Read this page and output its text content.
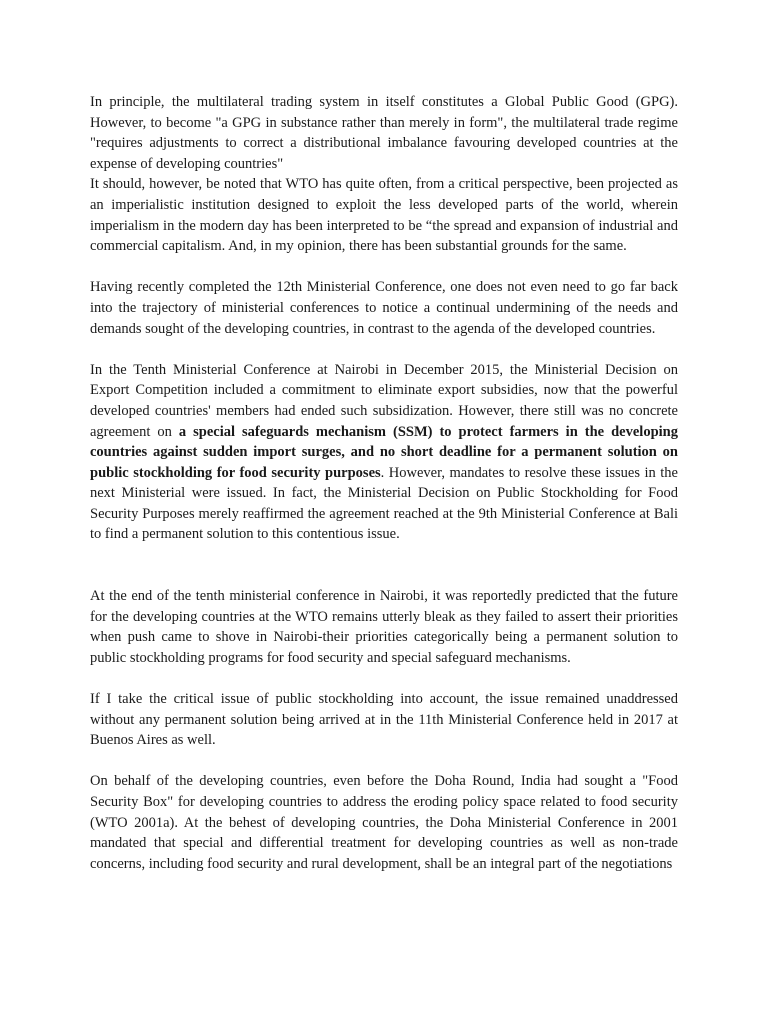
In principle, the multilateral trading system in itself constitutes a Global Public Good (GPG). However, to become "a GPG in substance rather than merely in form", the multilateral trade regime "requires adjustments to correct a distributional imbalance favouring developed countries at the expense of developing countries"

It should, however, be noted that WTO has quite often, from a critical perspective, been projected as an imperialistic institution designed to exploit the less developed parts of the world, wherein imperialism in the modern day has been interpreted to be “the spread and expansion of industrial and commercial capitalism. And, in my opinion, there has been substantial grounds for the same.

Having recently completed the 12th Ministerial Conference, one does not even need to go far back into the trajectory of ministerial conferences to notice a continual undermining of the needs and demands sought of the developing countries, in contrast to the agenda of the developed countries.

In the Tenth Ministerial Conference at Nairobi in December 2015, the Ministerial Decision on Export Competition included a commitment to eliminate export subsidies, now that the powerful developed countries' members had ended such subsidization. However, there still was no concrete agreement on a special safeguards mechanism (SSM) to protect farmers in the developing countries against sudden import surges, and no short deadline for a permanent solution on public stockholding for food security purposes. However, mandates to resolve these issues in the next Ministerial were issued. In fact, the Ministerial Decision on Public Stockholding for Food Security Purposes merely reaffirmed the agreement reached at the 9th Ministerial Conference at Bali to find a permanent solution to this contentious issue.

At the end of the tenth ministerial conference in Nairobi, it was reportedly predicted that the future for the developing countries at the WTO remains utterly bleak as they failed to assert their priorities when push came to shove in Nairobi-their priorities categorically being a permanent solution to public stockholding programs for food security and special safeguard mechanisms.

If I take the critical issue of public stockholding into account, the issue remained unaddressed without any permanent solution being arrived at in the 11th Ministerial Conference held in 2017 at Buenos Aires as well.

On behalf of the developing countries, even before the Doha Round, India had sought a "Food Security Box" for developing countries to address the eroding policy space related to food security (WTO 2001a). At the behest of developing countries, the Doha Ministerial Conference in 2001 mandated that special and differential treatment for developing countries as well as non-trade concerns, including food security and rural development, shall be an integral part of the negotiations
